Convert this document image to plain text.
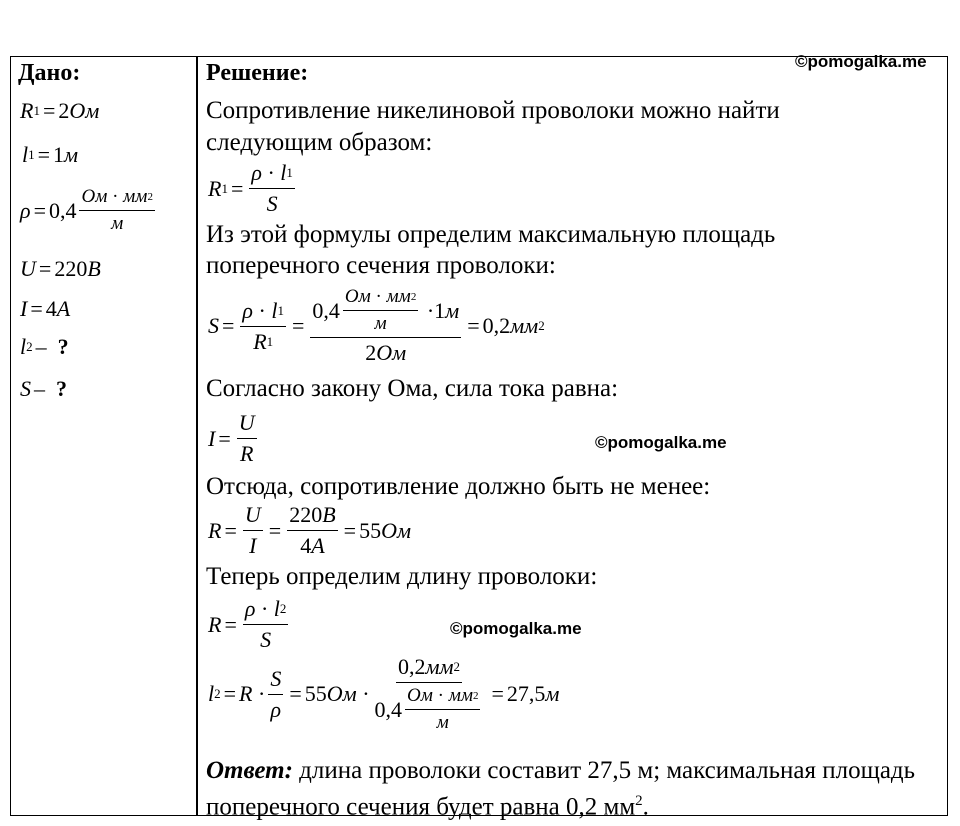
©pomogalka.me
©pomogalka.me
©pomogalka.me
Дано:
R 1 = 2 Ом
l 1 = 1 м
$\rho = 0,4 \frac{Ом \cdot мм 2}{м}$
U = 220 В
I = 4 А
l 2 – ?
S – ?
Решение:
Сопротивление никелиновой проволоки можно найти
следующим образом:
R $1 = \frac{\rho \cdot l 1}{S}$
Из этой формулы определим максимальную площадь
поперечного сечения проволоки:
$S = \frac{\rho \cdot l 1}{R 1} = \frac{0,4 \frac{Ом \cdot мм 2}{м} \cdot 1 м}{2 Ом} = 0,2$ мм 2
Согласно закону Ома, сила тока равна:
$I = \frac{U}{R}$
Отсюда, сопротивление должно быть не менее:
$R = \frac{U}{I} = \frac{220 В}{4 А} = 55$ Ом
Теперь определим длину проволоки:
$R = \frac{\rho \cdot l 2}{S}$
l $2 = R \cdot \frac{S}{\rho} = 55$ Ом · $\frac{0,2 мм 2}{0,4 \frac{Ом \cdot мм 2}{м}} = 27,5$ м
Ответ: длина проволоки составит 27,5 м; максимальная площадь поперечного сечения будет равна 0,2 $мм^2$.
